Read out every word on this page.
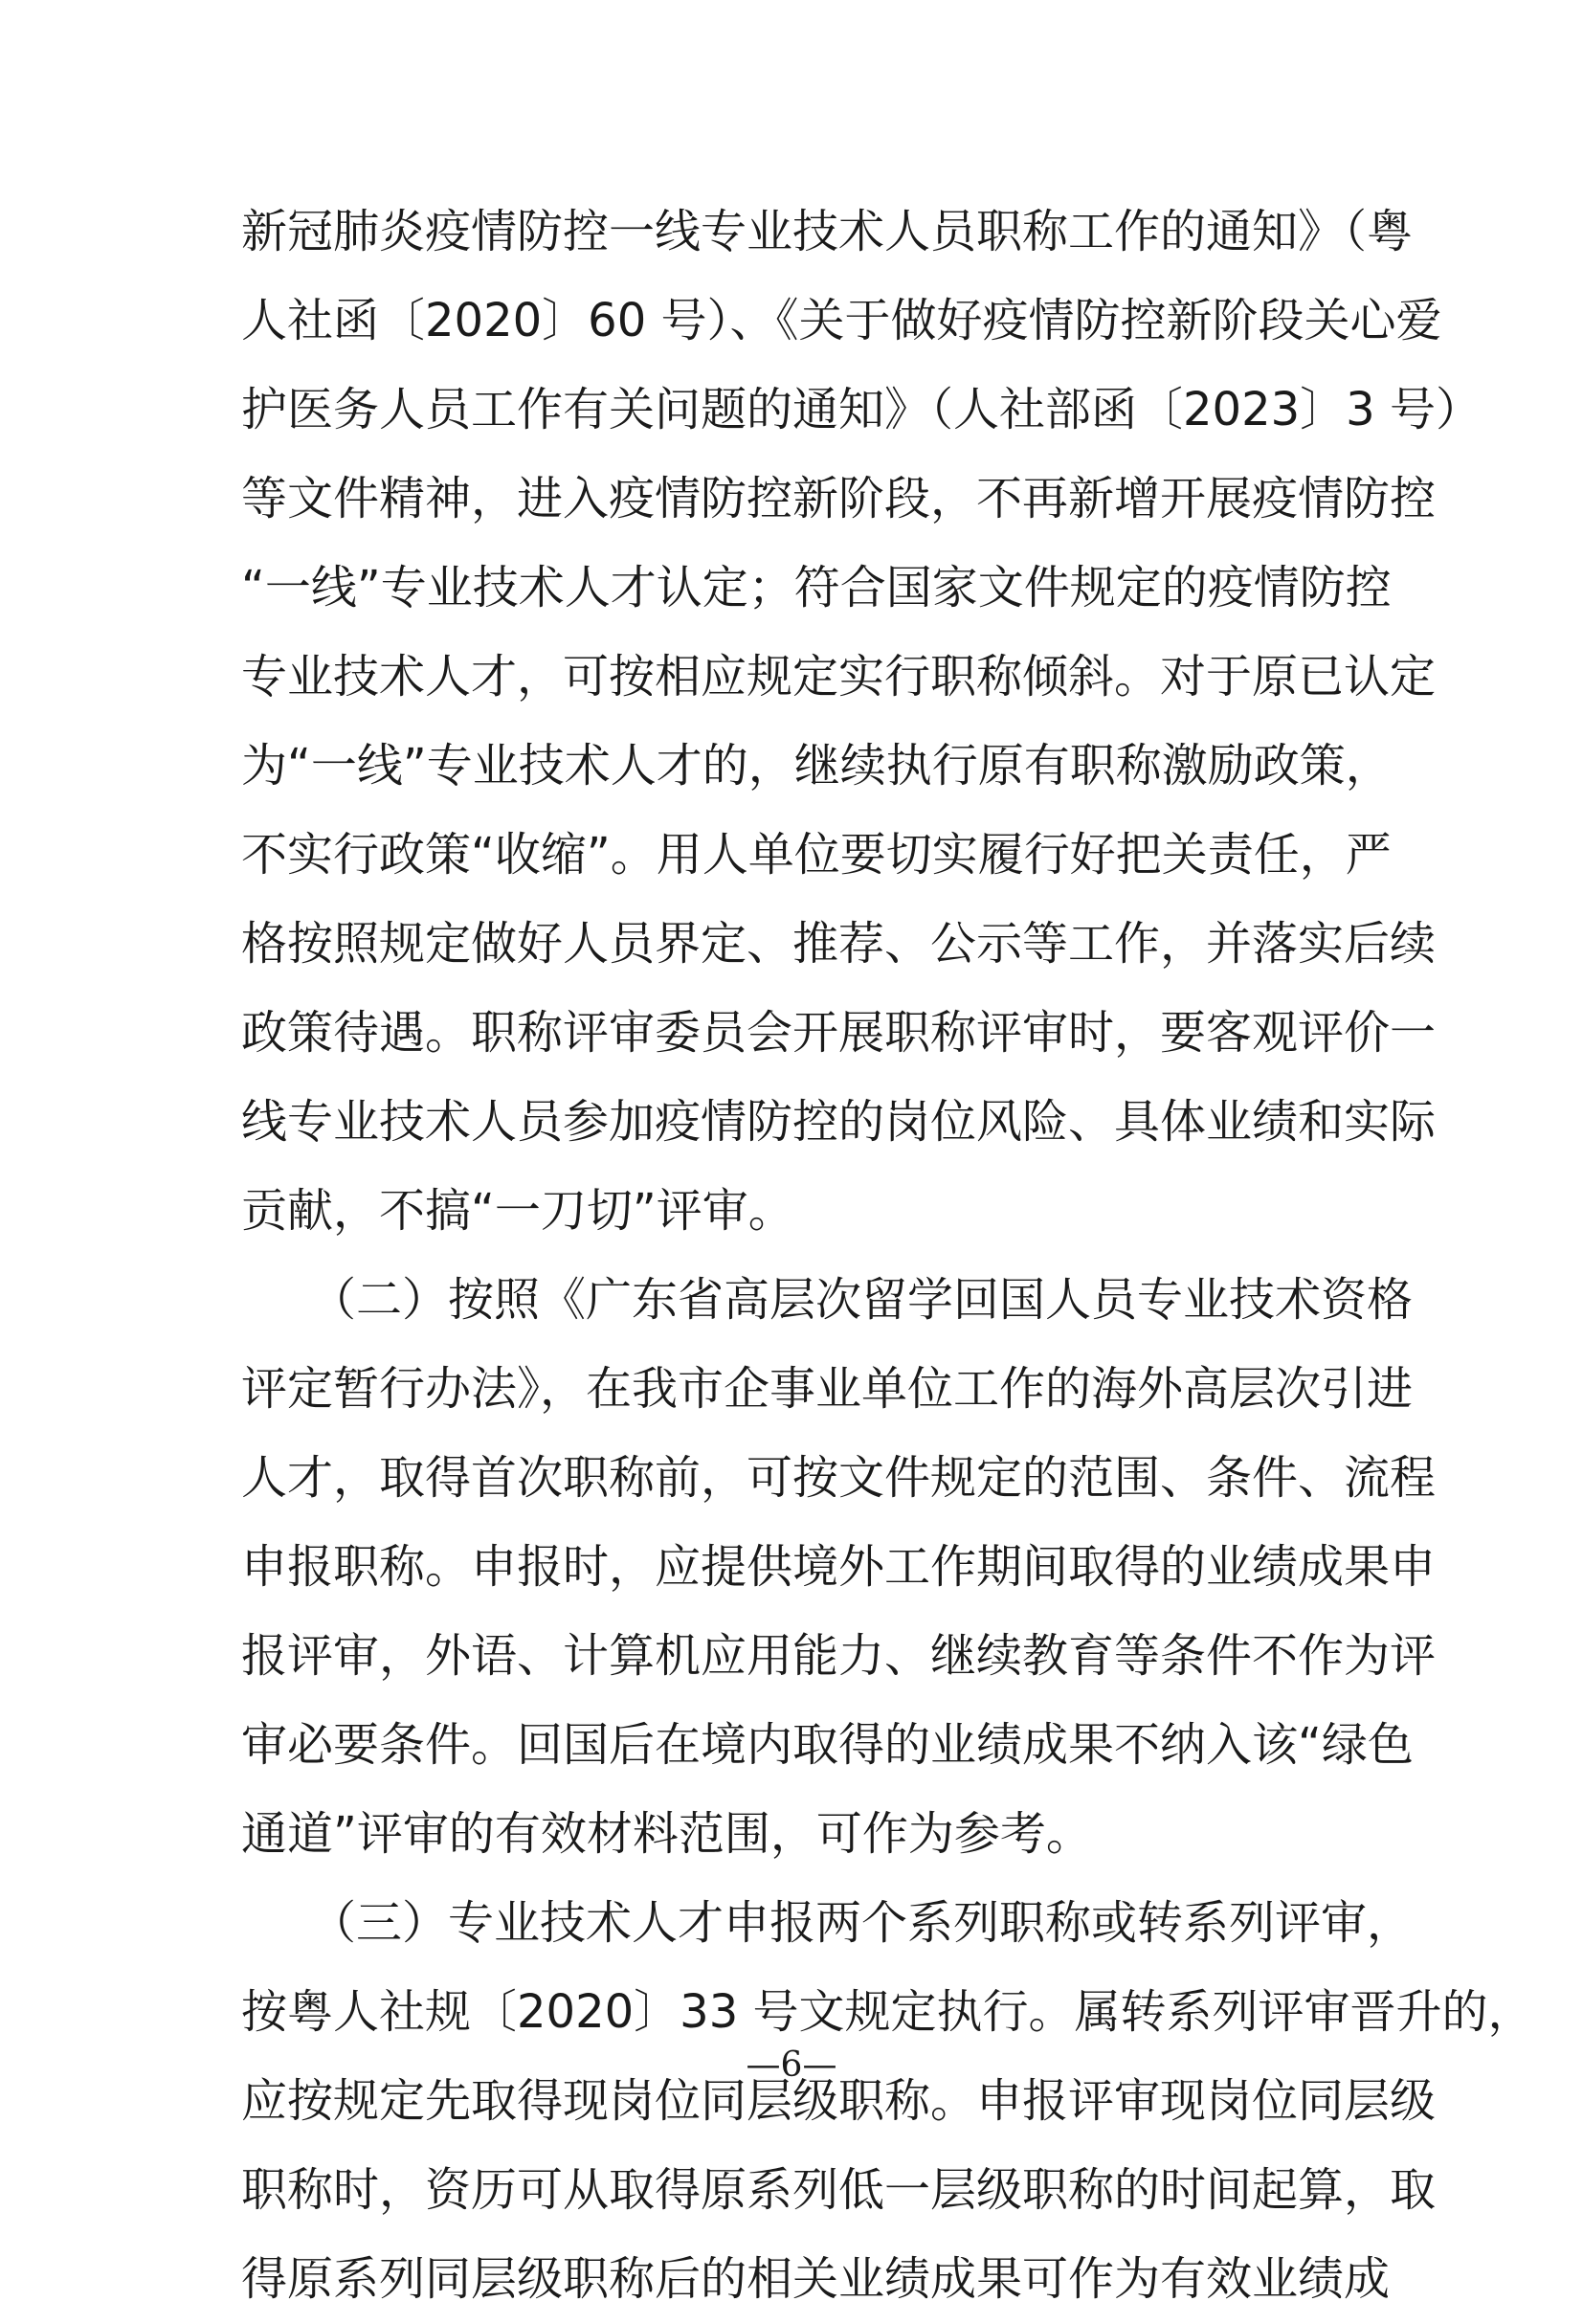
新冠肺炎疫情防控一线专业技术人员职称工作的通知》（粤
人社函〔2020〕60 号）、《关于做好疫情防控新阶段关心爱
护医务人员工作有关问题的通知》（人社部函〔2023〕3 号）
等文件精神，进入疫情防控新阶段，不再新增开展疫情防控
“一线”专业技术人才认定；符合国家文件规定的疫情防控
专业技术人才，可按相应规定实行职称倾斜。对于原已认定
为“一线”专业技术人才的，继续执行原有职称激励政策，
不实行政策“收缩”。用人单位要切实履行好把关责任，严
格按照规定做好人员界定、推荐、公示等工作，并落实后续
政策待遇。职称评审委员会开展职称评审时，要客观评价一
线专业技术人员参加疫情防控的岗位风险、具体业绩和实际
贡献，不搞“一刀切”评审。
　　（二）按照《广东省高层次留学回国人员专业技术资格
评定暂行办法》，在我市企事业单位工作的海外高层次引进
人才，取得首次职称前，可按文件规定的范围、条件、流程
申报职称。申报时，应提供境外工作期间取得的业绩成果申
报评审，外语、计算机应用能力、继续教育等条件不作为评
审必要条件。回国后在境内取得的业绩成果不纳入该“绿色
通道”评审的有效材料范围，可作为参考。
　　（三）专业技术人才申报两个系列职称或转系列评审，
按粤人社规〔2020〕33 号文规定执行。属转系列评审晋升的，
应按规定先取得现岗位同层级职称。申报评审现岗位同层级
职称时，资历可从取得原系列低一层级职称的时间起算，取
得原系列同层级职称后的相关业绩成果可作为有效业绩成
—6—
